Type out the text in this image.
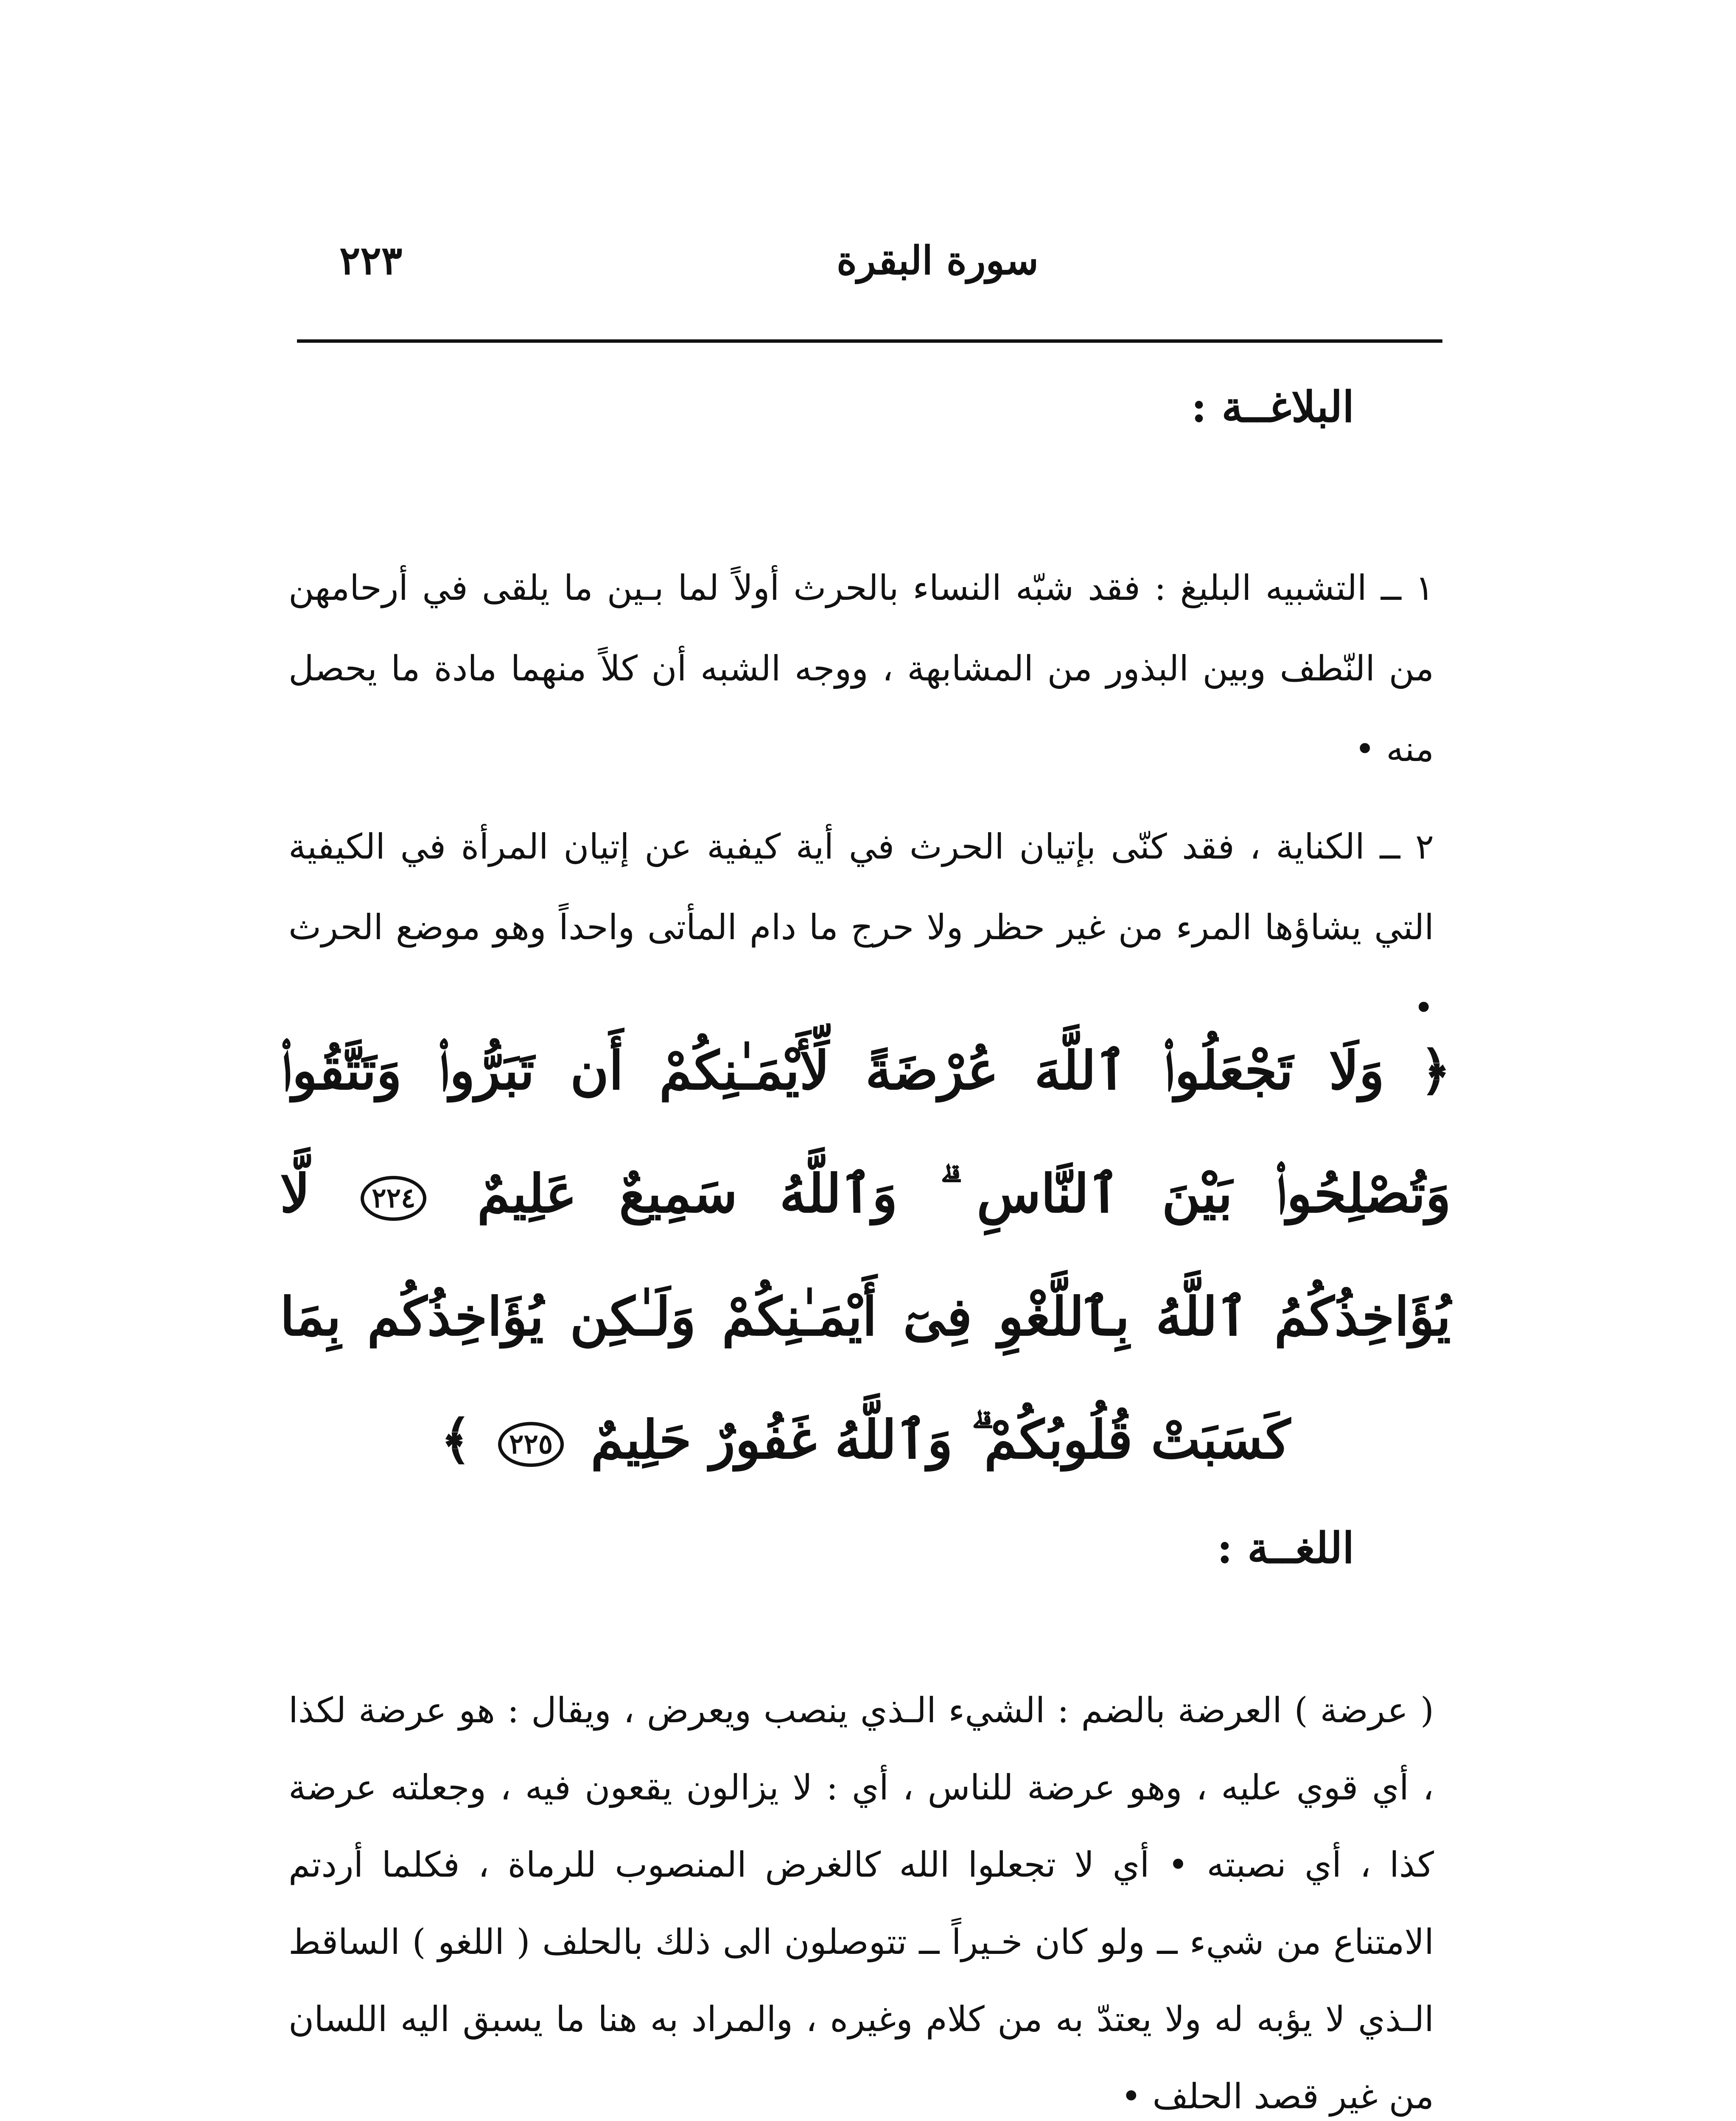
سورة البقرة
٢٢٣
البلاغــة :

١ ــ التشبيه البليغ : فقد شبّه النساء بالحرث أولاً لما بـين ما يلقى في أرحامهن من النّطف وبين البذور من المشابهة ، ووجه الشبه أن كلاً منهما مادة ما يحصل منه •

٢ ــ الكناية ، فقد كنّى بإتيان الحرث في أية كيفية عن إتيان المرأة في الكيفية التي يشاؤها المرء من غير حظر ولا حرج ما دام المأتى واحداً وهو موضع الحرث •

﴿ وَلَا تَجْعَلُوا۟ ٱللَّهَ عُرْضَةً لِّأَيْمَـٰنِكُمْ أَن تَبَرُّوا۟ وَتَتَّقُوا۟ وَتُصْلِحُوا۟ بَيْنَ ٱلنَّاسِ ۗ وَٱللَّهُ سَمِيعٌ عَلِيمٌ ٢٢٤ لَّا يُؤَاخِذُكُمُ ٱللَّهُ بِٱللَّغْوِ فِىٓ أَيْمَـٰنِكُمْ وَلَـٰكِن يُؤَاخِذُكُم بِمَا كَسَبَتْ قُلُوبُكُمْ ۗ وَٱللَّهُ غَفُورٌ حَلِيمٌ ٢٢٥ ﴾
اللغــة :

( عرضة ) العرضة بالضم : الشيء الـذي ينصب ويعرض ، ويقال : هو عرضة لكذا ، أي قوي عليه ، وهو عرضة للناس ، أي : لا يزالون يقعون فيه ، وجعلته عرضة كذا ، أي نصبته • أي لا تجعلوا الله كالغرض المنصوب للرماة ، فكلما أردتم الامتناع من شيء ــ ولو كان خـيراً ــ تتوصلون الى ذلك بالحلف ( اللغو ) الساقط الـذي لا يؤبه له ولا يعتدّ به من كلام وغيره ، والمراد به هنا ما يسبق اليه اللسان من غير قصد الحلف •
